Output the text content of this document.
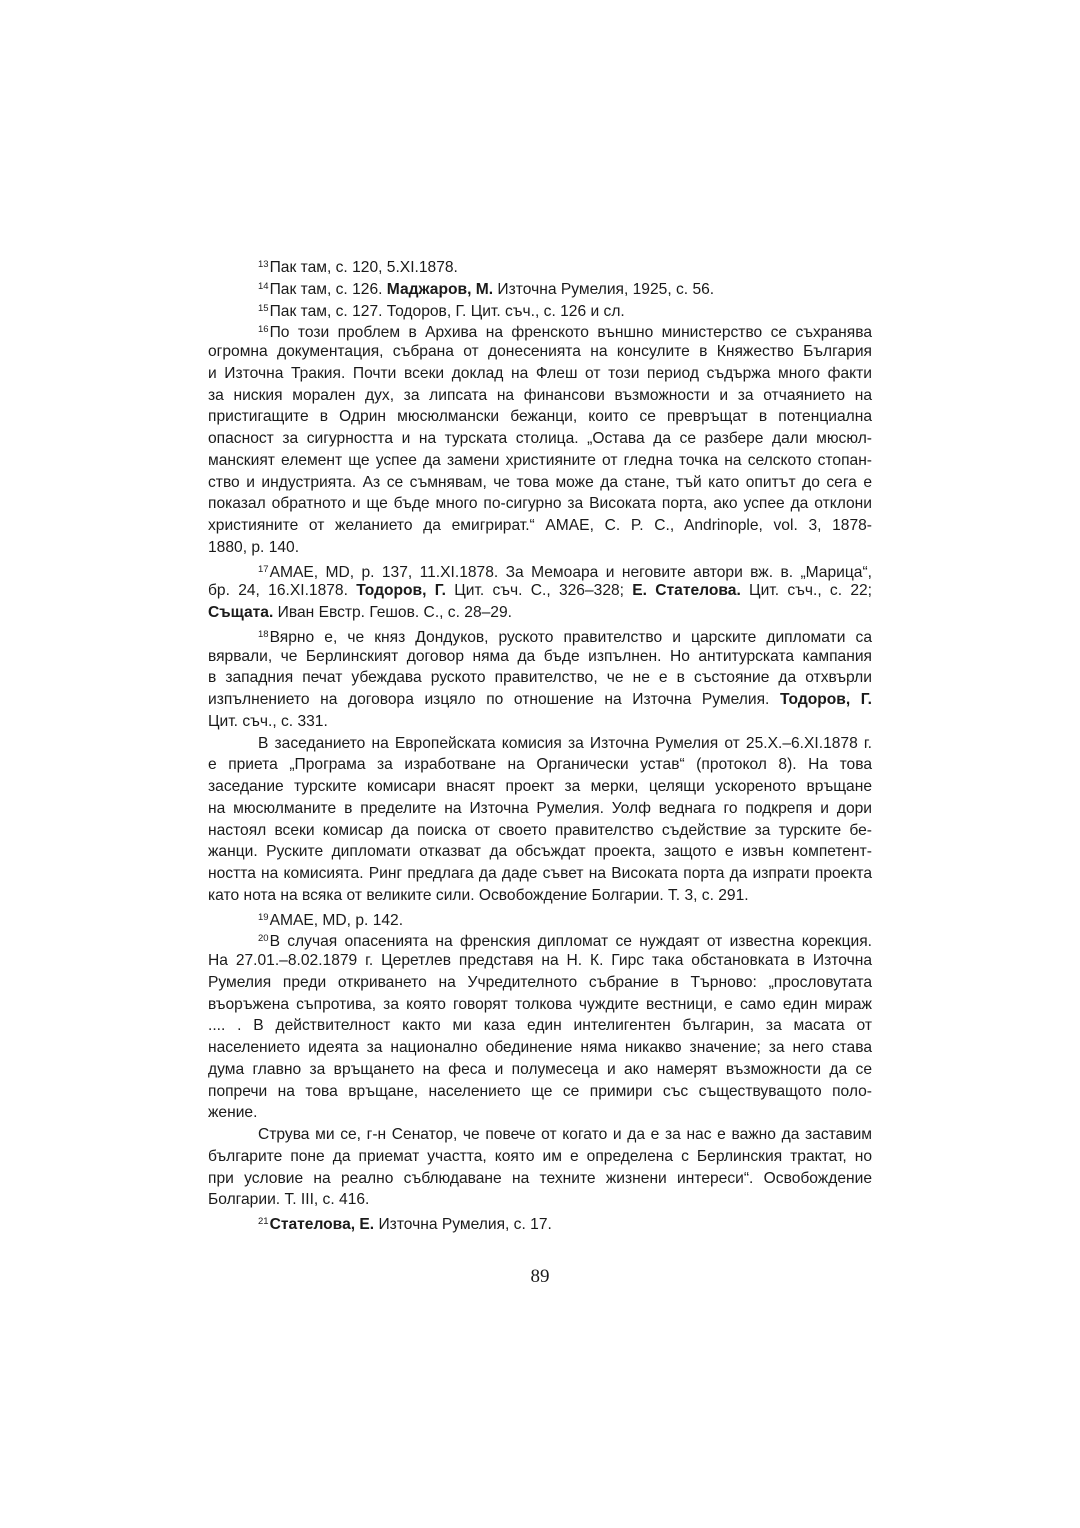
$^{13}$Пак там, с. 120, 5.XI.1878.
$^{14}$Пак там, с. 126. Маджаров, М. Източна Румелия, 1925, с. 56.
$^{15}$Пак там, с. 127. Тодоров, Г. Цит. съч., с. 126 и сл.
$^{16}$По този проблем в Архива на френското външно министерство се съхранява
огромна документация, събрана от донесенията на консулите в Княжество България
и Източна Тракия. Почти всеки доклад на Флеш от този период съдържа много факти
за ниския морален дух, за липсата на финансови възможности и за отчаянието на
пристигащите в Одрин мюсюлмански бежанци, които се превръщат в потенциална
опасност за сигурността и на турската столица. „Остава да се разбере дали мюсюл-
манският елемент ще успее да замени християните от гледна точка на селското стопан-
ство и индустрията. Аз се съмнявам, че това може да стане, тъй като опитът до сега е
показал обратното и ще бъде много по-сигурно за Високата порта, ако успее да отклони
християните от желанието да емигрират.“ AMAE, C. P. C., Andrinople, vol. 3, 1878-
1880, p. 140.
$^{17}$AMAE, MD, p. 137, 11.XI.1878. За Мемоара и неговите автори вж. в. „Марица“,
бр. 24, 16.XI.1878. Тодоров, Г. Цит. съч. С., 326–328; Е. Стателова. Цит. съч., с. 22;
Същата. Иван Евстр. Гешов. С., с. 28–29.
$^{18}$Вярно е, че княз Дондуков, руското правителство и царските дипломати са
вярвали, че Берлинският договор няма да бъде изпълнен. Но антитурската кампания
в западния печат убеждава руското правителство, че не е в състояние да отхвърли
изпълнението на договора изцяло по отношение на Източна Румелия. Тодоров, Г.
Цит. съч., с. 331.
В заседанието на Европейската комисия за Източна Румелия от 25.X.–6.XI.1878 г.
е приета „Програма за изработване на Органически устав“ (протокол 8). На това
заседание турските комисари внасят проект за мерки, целящи ускореното връщане
на мюсюлманите в пределите на Източна Румелия. Уолф веднага го подкрепя и дори
настоял всеки комисар да поиска от своето правителство съдействие за турските бе-
жанци. Руските дипломати отказват да обсъждат проекта, защото е извън компетент-
ността на комисията. Ринг предлага да даде съвет на Високата порта да изпрати проекта
като нота на всяка от великите сили. Освобождение Болгарии. Т. 3, с. 291.
$^{19}$AMAE, MD, p. 142.
$^{20}$В случая опасенията на френския дипломат се нуждаят от известна корекция.
На 27.01.–8.02.1879 г. Церетлев представя на Н. К. Гирс така обстановката в Източна
Румелия преди откриването на Учредителното събрание в Търново: „прословутата
въоръжена съпротива, за която говорят толкова чуждите вестници, е само един мираж
.... . В действителност както ми каза един интелигентен българин, за масата от
населението идеята за национално обединение няма никакво значение; за него става
дума главно за връщането на феса и полумесеца и ако намерят възможности да се
попречи на това връщане, населението ще се примири със съществуващото поло-
жение.
Струва ми се, г-н Сенатор, че повече от когато и да е за нас е важно да заставим
българите поне да приемат участта, която им е определена с Берлинския трактат, но
при условие на реално съблюдаване на техните жизнени интереси“. Освобождение
Болгарии. Т. III, с. 416.
$^{21}$Стателова, Е. Източна Румелия, с. 17.
89
